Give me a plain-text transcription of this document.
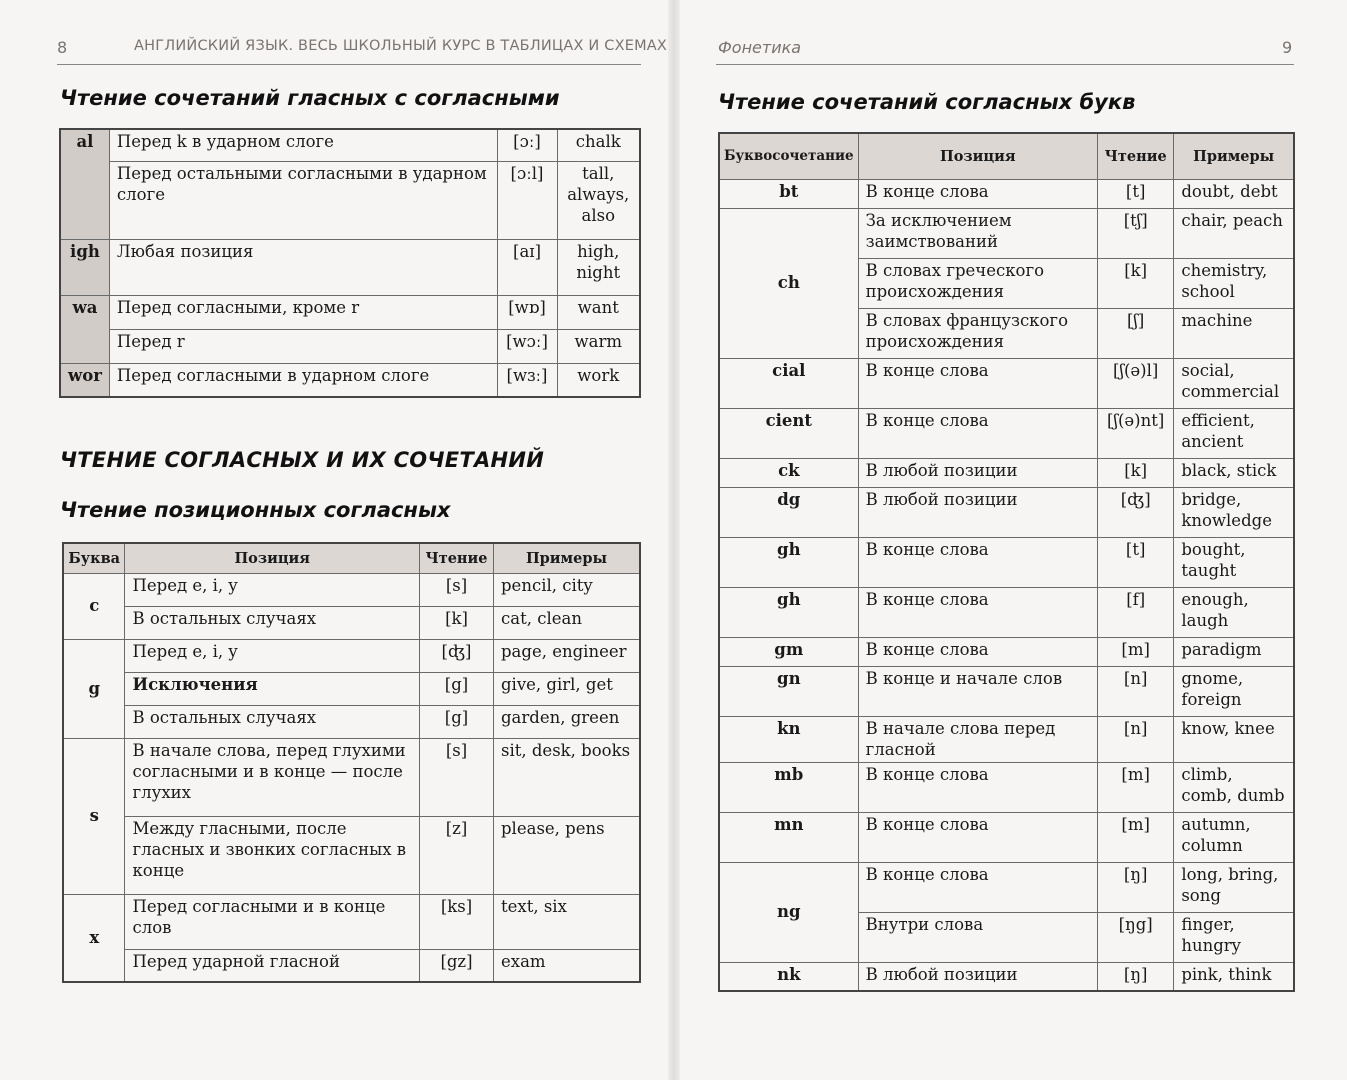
8	АНГЛИЙСКИЙ ЯЗЫК. ВЕСЬ ШКОЛЬНЫЙ КУРС В ТАБЛИЦАХ И СХЕМАХ
Чтение сочетаний гласных с согласными
al	Перед k в ударном слоге	[ɔː]	chalk
	Перед остальными согласными в ударном слоге	[ɔːl]	tall, always, also
igh	Любая позиция	[aɪ]	high, night
wa	Перед согласными, кроме r	[wɒ]	want
	Перед r	[wɔː]	warm
wor	Перед согласными в ударном слоге	[wɜː]	work
ЧТЕНИЕ СОГЛАСНЫХ И ИХ СОЧЕТАНИЙ
Чтение позиционных согласных
Буква	Позиция	Чтение	Примеры
c	Перед e, i, y	[s]	pencil, city
	В остальных случаях	[k]	cat, clean
g	Перед e, i, y	[ʤ]	page, engineer
	Исключения	[g]	give, girl, get
	В остальных случаях	[g]	garden, green
s	В начале слова, перед глухими согласными и в конце — после глухих	[s]	sit, desk, books
	Между гласными, после гласных и звонких согласных в конце	[z]	please, pens
x	Перед согласными и в конце слов	[ks]	text, six
	Перед ударной гласной	[gz]	exam
Фонетика	9
Чтение сочетаний согласных букв
Буквосочетание	Позиция	Чтение	Примеры
bt	В конце слова	[t]	doubt, debt
ch	За исключением заимствований	[tʃ]	chair, peach
	В словах греческого происхождения	[k]	chemistry, school
	В словах французского происхождения	[ʃ]	machine
cial	В конце слова	[ʃ(ə)l]	social, commercial
cient	В конце слова	[ʃ(ə)nt]	efficient, ancient
ck	В любой позиции	[k]	black, stick
dg	В любой позиции	[ʤ]	bridge, knowledge
gh	В конце слова	[t]	bought, taught
gh	В конце слова	[f]	enough, laugh
gm	В конце слова	[m]	paradigm
gn	В конце и начале слов	[n]	gnome, foreign
kn	В начале слова перед гласной	[n]	know, knee
mb	В конце слова	[m]	climb, comb, dumb
mn	В конце слова	[m]	autumn, column
ng	В конце слова	[ŋ]	long, bring, song
	Внутри слова	[ŋg]	finger, hungry
nk	В любой позиции	[ŋ]	pink, think
